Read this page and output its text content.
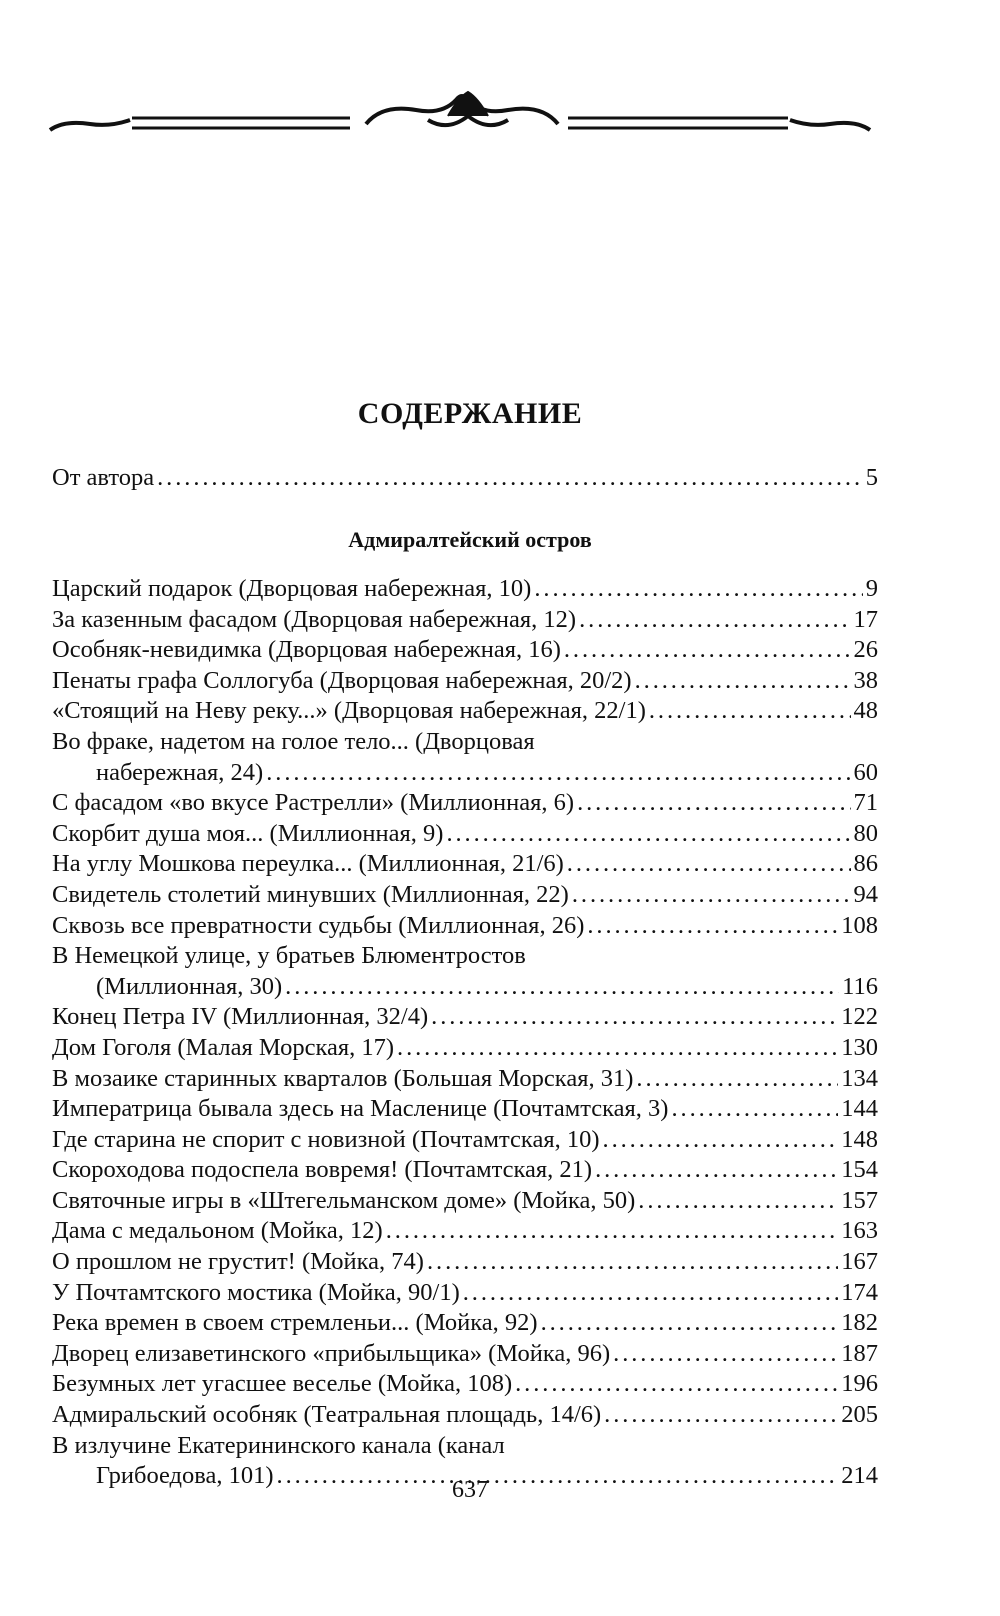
СОДЕРЖАНИЕ
От автора . . .	5
Адмиралтейский остров
Царский подарок (Дворцовая набережная, 10) . . .	9
За казенным фасадом (Дворцовая набережная, 12) . . .	17
Особняк-невидимка (Дворцовая набережная, 16) . . .	26
Пенаты графа Соллогуба (Дворцовая набережная, 20/2) . . .	38
«Стоящий на Неву реку...» (Дворцовая набережная, 22/1) . . .	48
Во фраке, надетом на голое тело... (Дворцовая
набережная, 24) . . .	60
С фасадом «во вкусе Растрелли» (Миллионная, 6) . . .	71
Скорбит душа моя... (Миллионная, 9) . . .	80
На углу Мошкова переулка... (Миллионная, 21/6) . . .	86
Свидетель столетий минувших (Миллионная, 22) . . .	94
Сквозь все превратности судьбы (Миллионная, 26) . . .	108
В Немецкой улице, у братьев Блюментростов
(Миллионная, 30) . . .	116
Конец Петра IV (Миллионная, 32/4) . . .	122
Дом Гоголя (Малая Морская, 17) . . .	130
В мозаике старинных кварталов (Большая Морская, 31) . . .	134
Императрица бывала здесь на Масленице (Почтамтская, 3) . . .	144
Где старина не спорит с новизной (Почтамтская, 10) . . .	148
Скороходова подоспела вовремя! (Почтамтская, 21) . . .	154
Святочные игры в «Штегельманском доме» (Мойка, 50) . . .	157
Дама с медальоном (Мойка, 12) . . .	163
О прошлом не грустит! (Мойка, 74) . . .	167
У Почтамтского мостика (Мойка, 90/1) . . .	174
Река времен в своем стремленьи... (Мойка, 92) . . .	182
Дворец елизаветинского «прибыльщика» (Мойка, 96) . . .	187
Безумных лет угасшее веселье (Мойка, 108) . . .	196
Адмиральский особняк (Театральная площадь, 14/6) . . .	205
В излучине Екатерининского канала (канал
Грибоедова, 101) . . .	214
637
